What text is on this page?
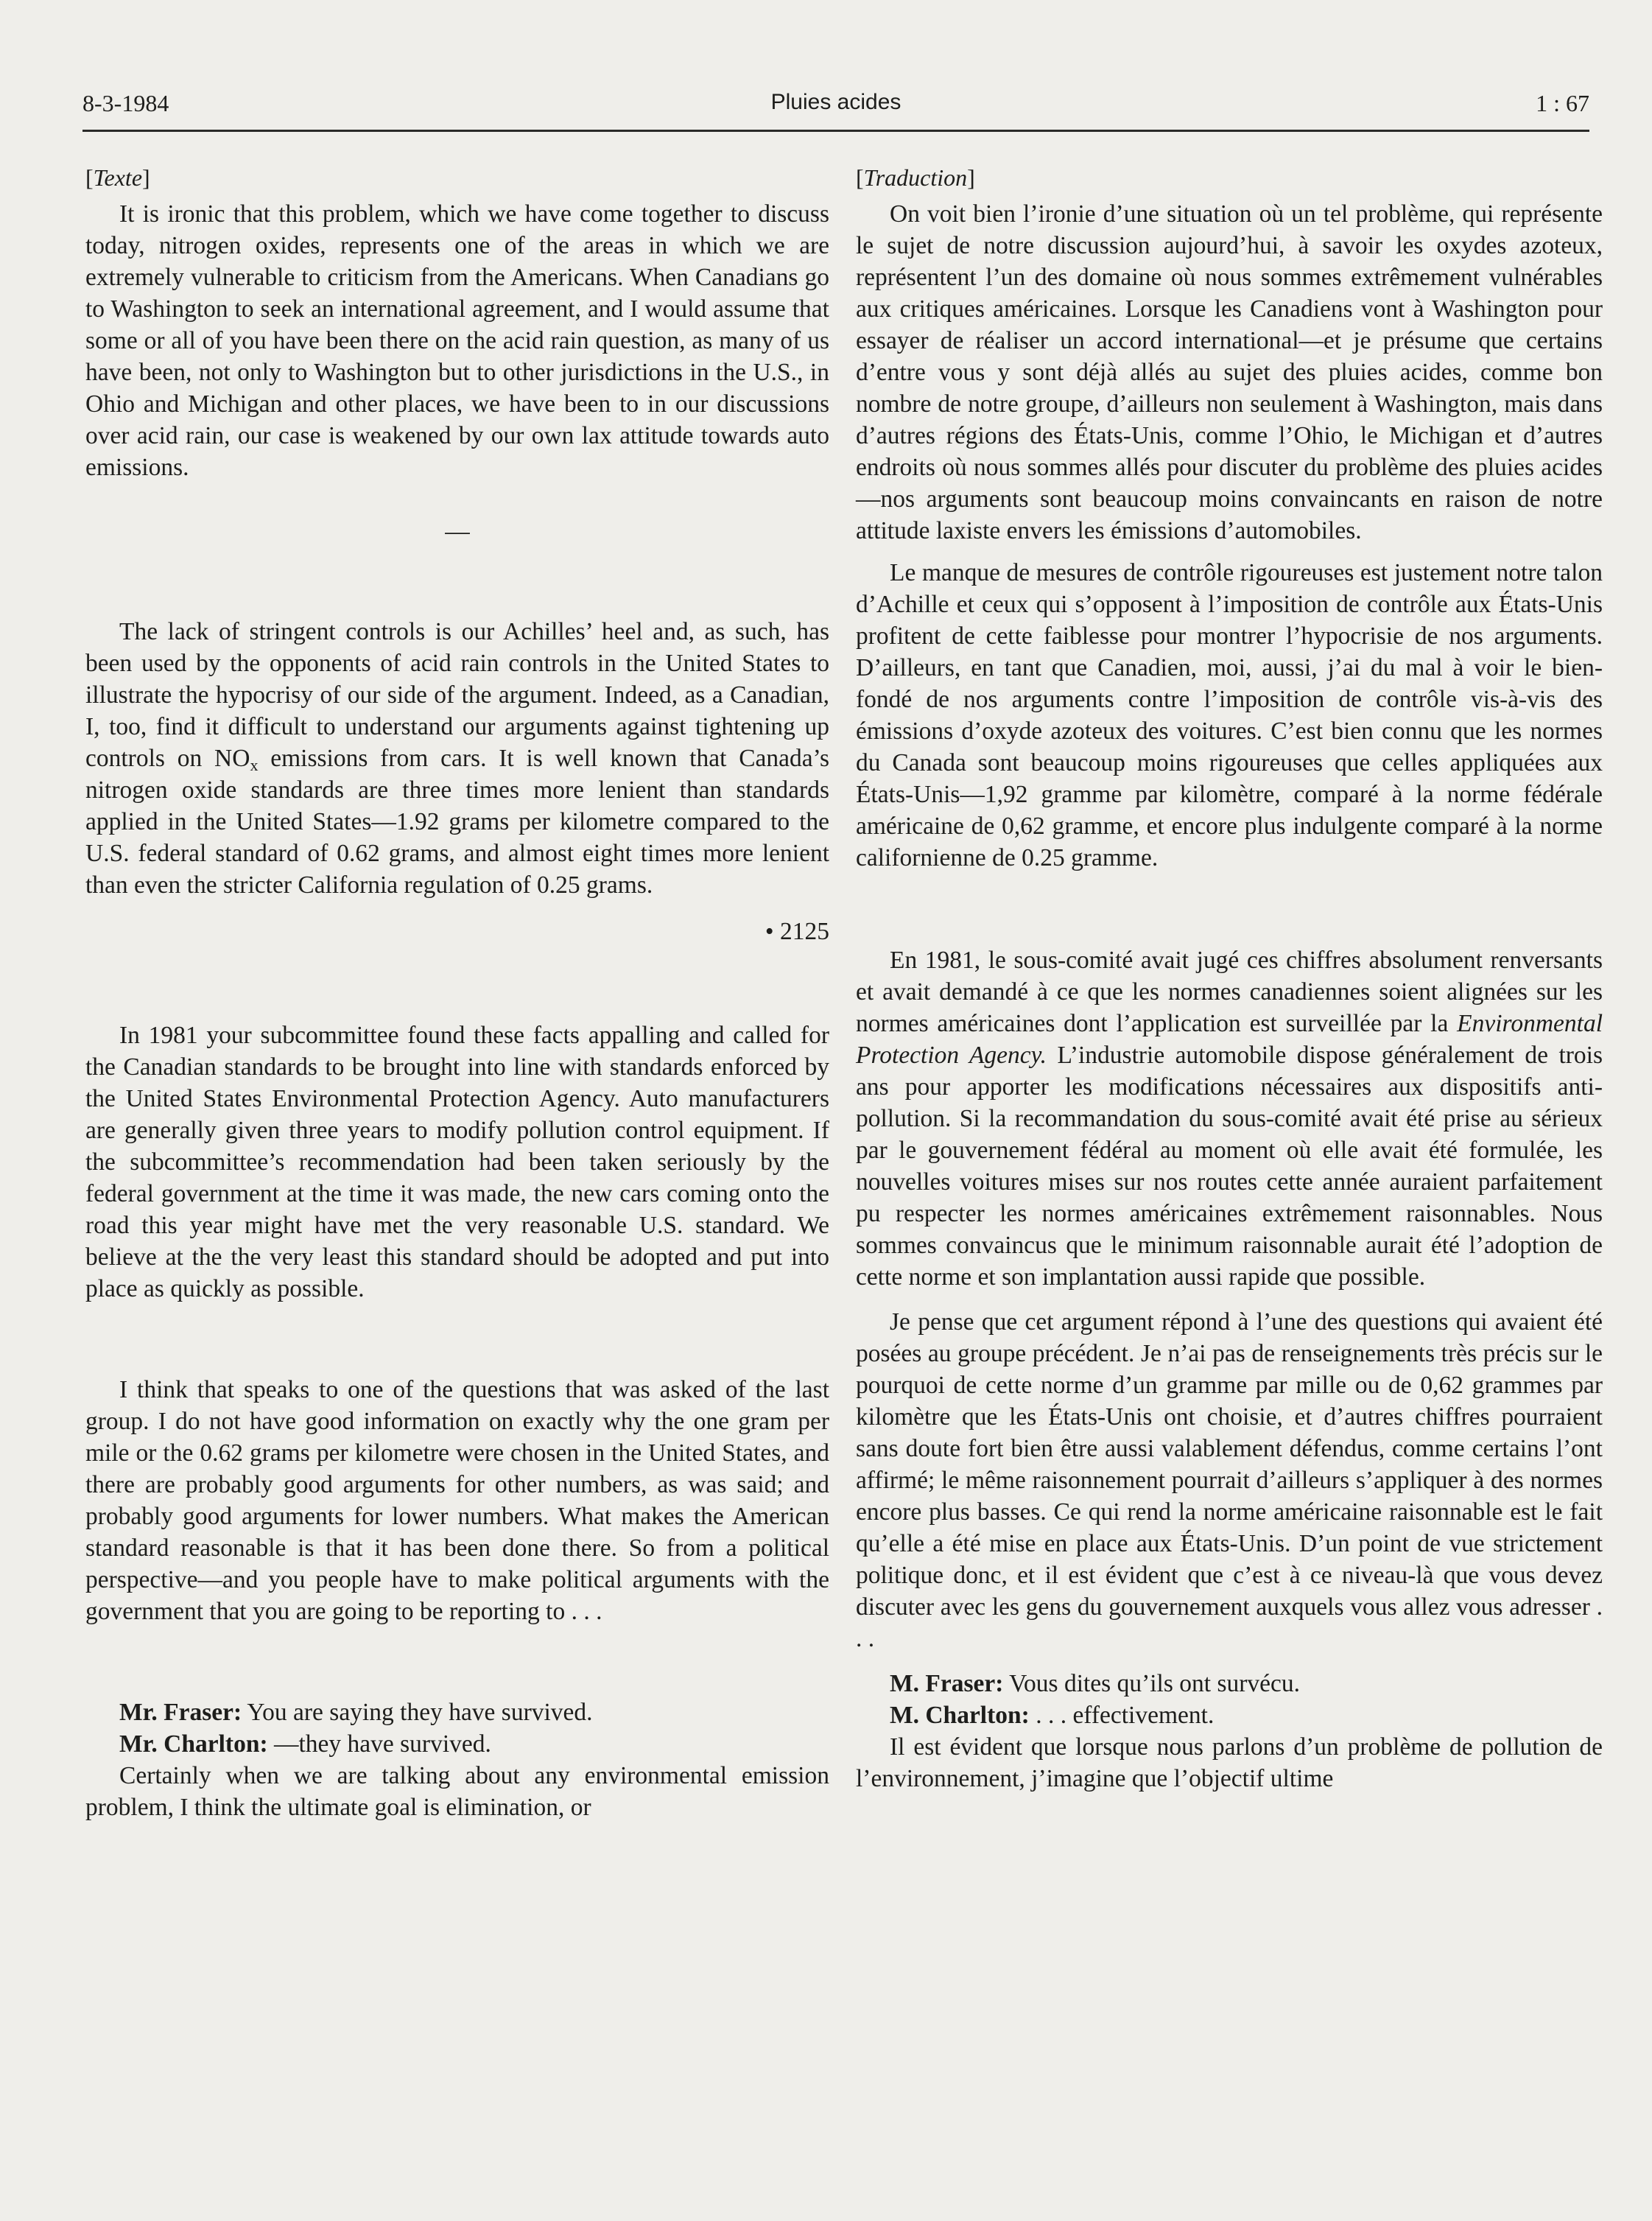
8-3-1984	Pluies acides	1 : 67
[Texte]

It is ironic that this problem, which we have come together to discuss today, nitrogen oxides, represents one of the areas in which we are extremely vulnerable to criticism from the Americans. When Canadians go to Washington to seek an international agreement, and I would assume that some or all of you have been there on the acid rain question, as many of us have been, not only to Washington but to other jurisdictions in the U.S., in Ohio and Michigan and other places, we have been to in our discussions over acid rain, our case is weakened by our own lax attitude towards auto emissions.

—

The lack of stringent controls is our Achilles’ heel and, as such, has been used by the opponents of acid rain controls in the United States to illustrate the hypocrisy of our side of the argument. Indeed, as a Canadian, I, too, find it difficult to understand our arguments against tightening up controls on $NO_x$ emissions from cars. It is well known that Canada’s nitrogen oxide standards are three times more lenient than standards applied in the United States—1.92 grams per kilometre compared to the U.S. federal standard of 0.62 grams, and almost eight times more lenient than even the stricter California regulation of 0.25 grams.

• 2125

In 1981 your subcommittee found these facts appalling and called for the Canadian standards to be brought into line with standards enforced by the United States Environmental Protection Agency. Auto manufacturers are generally given three years to modify pollution control equipment. If the subcommittee’s recommendation had been taken seriously by the federal government at the time it was made, the new cars coming onto the road this year might have met the very reasonable U.S. standard. We believe at the the very least this standard should be adopted and put into place as quickly as possible.

I think that speaks to one of the questions that was asked of the last group. I do not have good information on exactly why the one gram per mile or the 0.62 grams per kilometre were chosen in the United States, and there are probably good arguments for other numbers, as was said; and probably good arguments for lower numbers. What makes the American standard reasonable is that it has been done there. So from a political perspective—and you people have to make political arguments with the government that you are going to be reporting to . . .

Mr. Fraser: You are saying they have survived.

Mr. Charlton: —they have survived.

Certainly when we are talking about any environmental emission problem, I think the ultimate goal is elimination, or

[Traduction]

On voit bien l’ironie d’une situation où un tel problème, qui représente le sujet de notre discussion aujourd’hui, à savoir les oxydes azoteux, représentent l’un des domaine où nous sommes extrêmement vulnérables aux critiques américaines. Lorsque les Canadiens vont à Washington pour essayer de réaliser un accord international—et je présume que certains d’entre vous y sont déjà allés au sujet des pluies acides, comme bon nombre de notre groupe, d’ailleurs non seulement à Washington, mais dans d’autres régions des États-Unis, comme l’Ohio, le Michigan et d’autres endroits où nous sommes allés pour discuter du problème des pluies acides—nos arguments sont beaucoup moins convaincants en raison de notre attitude laxiste envers les émissions d’automobiles.

Le manque de mesures de contrôle rigoureuses est justement notre talon d’Achille et ceux qui s’opposent à l’imposition de contrôle aux États-Unis profitent de cette faiblesse pour montrer l’hypocrisie de nos arguments. D’ailleurs, en tant que Canadien, moi, aussi, j’ai du mal à voir le bien-fondé de nos arguments contre l’imposition de contrôle vis-à-vis des émissions d’oxyde azoteux des voitures. C’est bien connu que les normes du Canada sont beaucoup moins rigoureuses que celles appliquées aux États-Unis—1,92 gramme par kilomètre, comparé à la norme fédérale américaine de 0,62 gramme, et encore plus indulgente comparé à la norme californienne de 0.25 gramme.

En 1981, le sous-comité avait jugé ces chiffres absolument renversants et avait demandé à ce que les normes canadiennes soient alignées sur les normes américaines dont l’application est surveillée par la Environmental Protection Agency. L’industrie automobile dispose généralement de trois ans pour apporter les modifications nécessaires aux dispositifs anti-pollution. Si la recommandation du sous-comité avait été prise au sérieux par le gouvernement fédéral au moment où elle avait été formulée, les nouvelles voitures mises sur nos routes cette année auraient parfaitement pu respecter les normes américaines extrêmement raisonnables. Nous sommes convaincus que le minimum raisonnable aurait été l’adoption de cette norme et son implantation aussi rapide que possible.

Je pense que cet argument répond à l’une des questions qui avaient été posées au groupe précédent. Je n’ai pas de renseignements très précis sur le pourquoi de cette norme d’un gramme par mille ou de 0,62 grammes par kilomètre que les États-Unis ont choisie, et d’autres chiffres pourraient sans doute fort bien être aussi valablement défendus, comme certains l’ont affirmé; le même raisonnement pourrait d’ailleurs s’appliquer à des normes encore plus basses. Ce qui rend la norme américaine raisonnable est le fait qu’elle a été mise en place aux États-Unis. D’un point de vue strictement politique donc, et il est évident que c’est à ce niveau-là que vous devez discuter avec les gens du gouvernement auxquels vous allez vous adresser . . .

M. Fraser: Vous dites qu’ils ont survécu.

M. Charlton: . . . effectivement.

Il est évident que lorsque nous parlons d’un problème de pollution de l’environnement, j’imagine que l’objectif ultime
